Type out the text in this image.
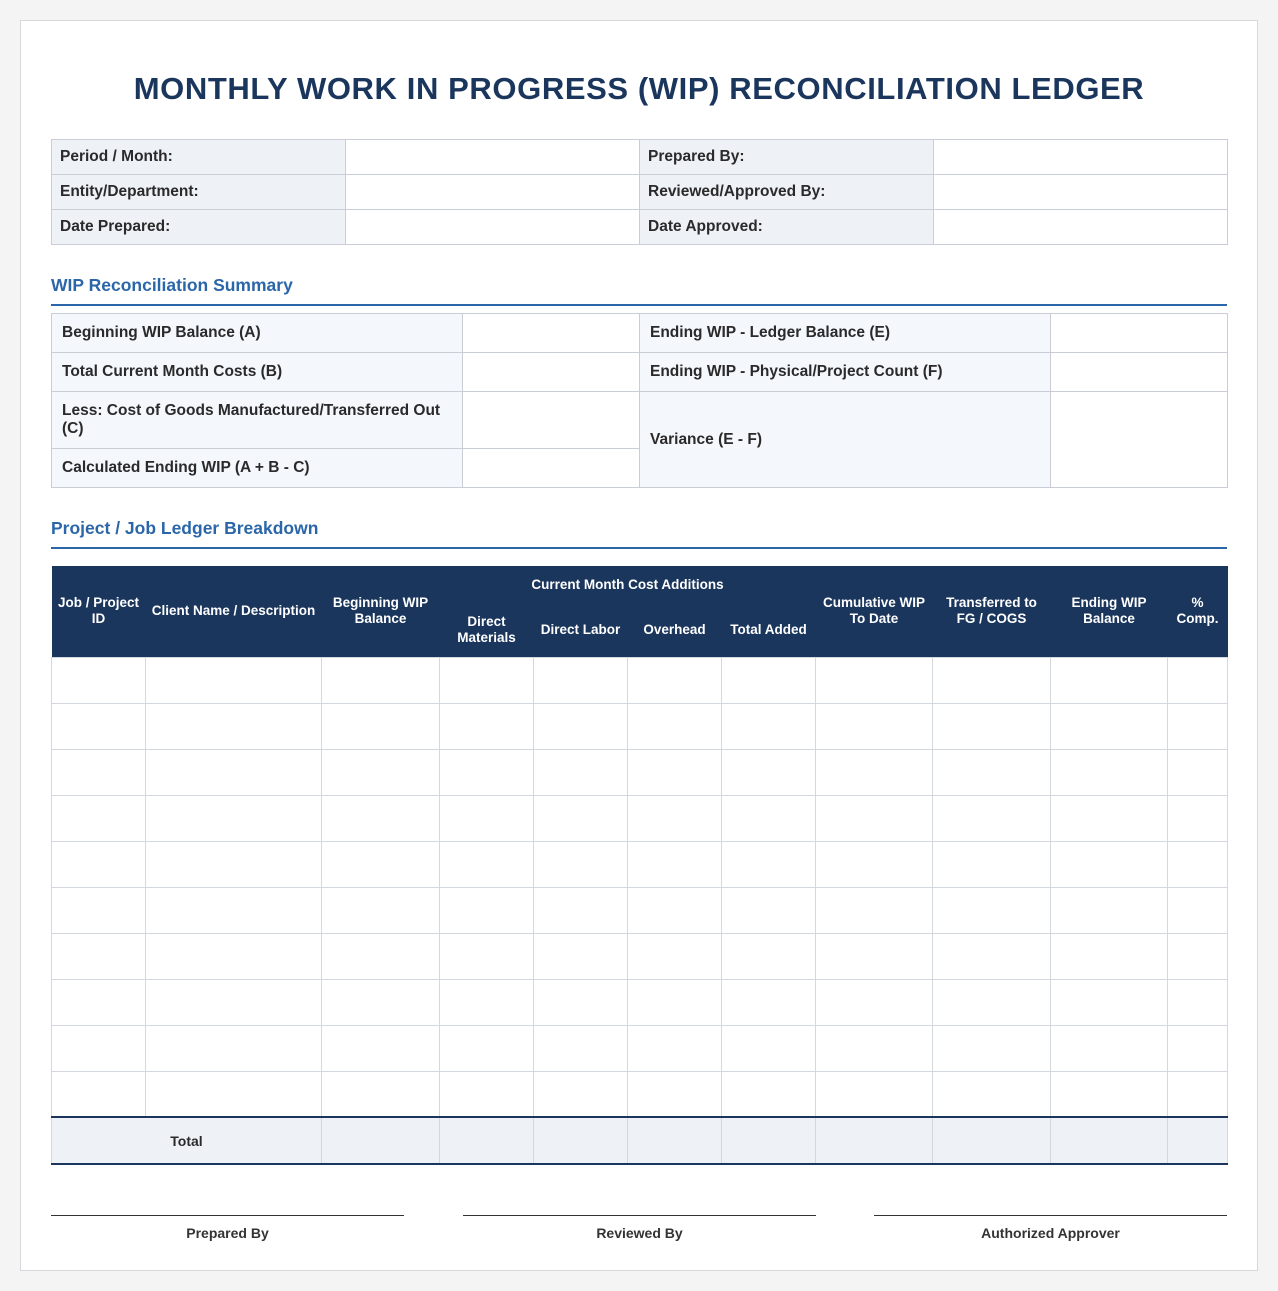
MONTHLY WORK IN PROGRESS (WIP) RECONCILIATION LEDGER
Period / Month:		Prepared By:	
Entity/Department:		Reviewed/Approved By:	
Date Prepared:		Date Approved:	
WIP Reconciliation Summary
Beginning WIP Balance (A)		Ending WIP - Ledger Balance (E)	
Total Current Month Costs (B)		Ending WIP - Physical/Project Count (F)	
Less: Cost of Goods Manufactured/Transferred Out (C)		Variance (E - F)	
Calculated Ending WIP (A + B - C)			
Project / Job Ledger Breakdown
Job / Project ID	Client Name / Description	Beginning WIP Balance	Current Month Cost Additions				Cumulative WIP To Date	Transferred to FG / COGS	Ending WIP Balance	% Comp.
			Direct Materials	Direct Labor	Overhead	Total Added				

Total										
Prepared By	Reviewed By	Authorized Approver
